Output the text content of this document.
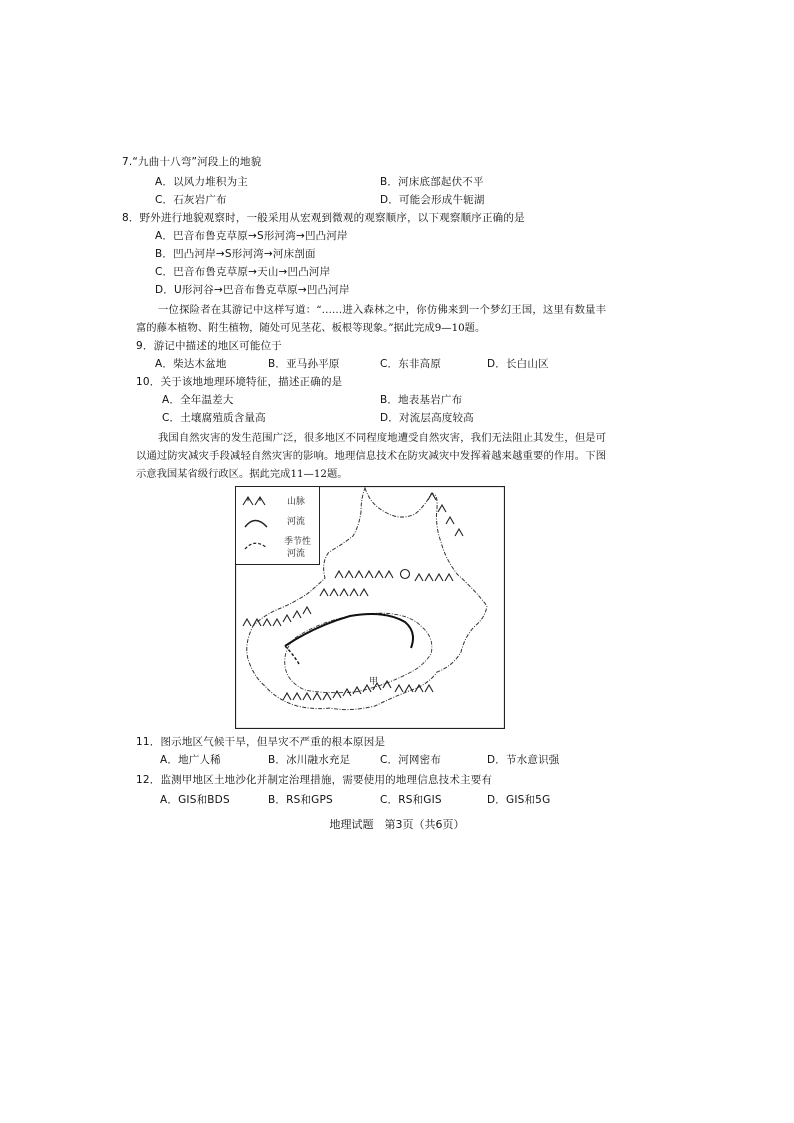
7.“九曲十八弯”河段上的地貌
A．以风力堆积为主	B．河床底部起伏不平
C．石灰岩广布	D．可能会形成牛轭湖
8．野外进行地貌观察时，一般采用从宏观到微观的观察顺序，以下观察顺序正确的是
A．巴音布鲁克草原→S形河湾→凹凸河岸
B．凹凸河岸→S形河湾→河床剖面
C．巴音布鲁克草原→天山→凹凸河岸
D．U形河谷→巴音布鲁克草原→凹凸河岸
一位探险者在其游记中这样写道：“……进入森林之中，你仿佛来到一个梦幻王国，这里有数量丰富的藤本植物、附生植物，随处可见茎花、板根等现象。”据此完成9—10题。
9．游记中描述的地区可能位于
A．柴达木盆地	B．亚马孙平原	C．东非高原	D．长白山区
10．关于该地地理环境特征，描述正确的是
A．全年温差大	B．地表基岩广布
C．土壤腐殖质含量高	D．对流层高度较高
我国自然灾害的发生范围广泛，很多地区不同程度地遭受自然灾害，我们无法阻止其发生，但是可以通过防灾减灾手段减轻自然灾害的影响。地理信息技术在防灾减灾中发挥着越来越重要的作用。下图示意我国某省级行政区。据此完成11—12题。
山脉
河流
季节性
河流
甲
11．图示地区气候干旱，但旱灾不严重的根本原因是
A．地广人稀	B．冰川融水充足	C．河网密布	D．节水意识强
12．监测甲地区土地沙化并制定治理措施，需要使用的地理信息技术主要有
A．GIS和BDS	B．RS和GPS	C．RS和GIS	D．GIS和5G
地理试题　第3页（共6页）
